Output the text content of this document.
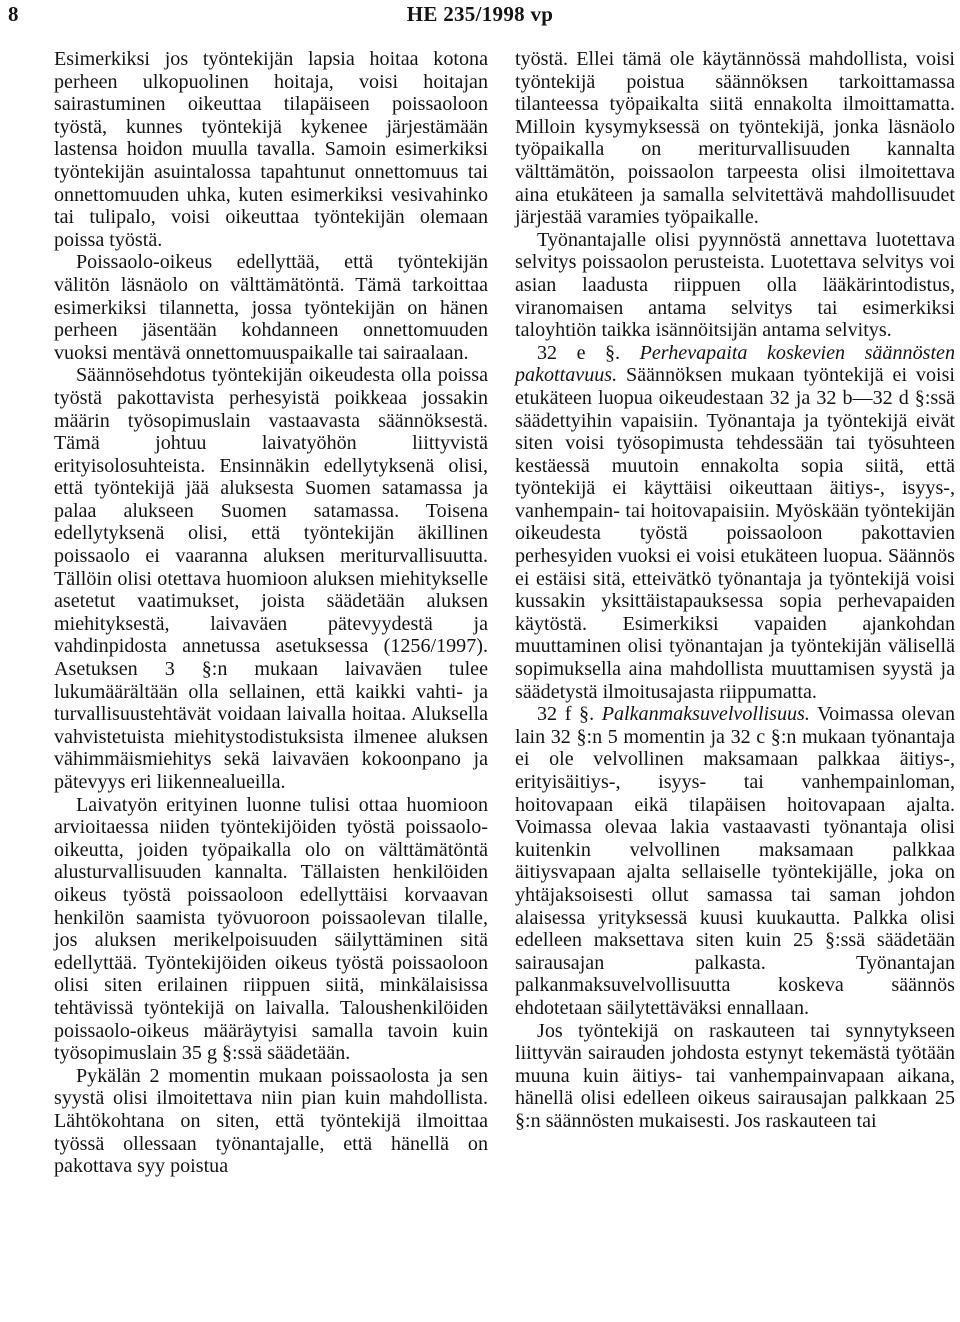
8	HE 235/1998 vp

Esimerkiksi jos työntekijän lapsia hoitaa kotona perheen ulkopuolinen hoitaja, voisi hoitajan sairastuminen oikeuttaa tilapäiseen poissaoloon työstä, kunnes työntekijä kykenee järjestämään lastensa hoidon muulla tavalla. Samoin esimerkiksi työntekijän asuintalossa tapahtunut onnettomuus tai onnettomuuden uhka, kuten esimerkiksi vesivahinko tai tulipalo, voisi oikeuttaa työntekijän olemaan poissa työstä.

Poissaolo-oikeus edellyttää, että työntekijän välitön läsnäolo on välttämätöntä. Tämä tarkoittaa esimerkiksi tilannetta, jossa työntekijän on hänen perheen jäsentään kohdanneen onnettomuuden vuoksi mentävä onnettomuuspaikalle tai sairaalaan.

Säännösehdotus työntekijän oikeudesta olla poissa työstä pakottavista perhesyistä poikkeaa jossakin määrin työsopimuslain vastaavasta säännöksestä. Tämä johtuu laivatyöhön liittyvistä erityisolosuhteista. Ensinnäkin edellytyksenä olisi, että työntekijä jää aluksesta Suomen satamassa ja palaa alukseen Suomen satamassa. Toisena edellytyksenä olisi, että työntekijän äkillinen poissaolo ei vaaranna aluksen meriturvallisuutta. Tällöin olisi otettava huomioon aluksen miehitykselle asetetut vaatimukset, joista säädetään aluksen miehityksestä, laivaväen pätevyydestä ja vahdinpidosta annetussa asetuksessa (1256/1997). Asetuksen 3 §:n mukaan laivaväen tulee lukumäärältään olla sellainen, että kaikki vahti- ja turvallisuustehtävät voidaan laivalla hoitaa. Aluksella vahvistetuista miehitystodistuksista ilmenee aluksen vähimmäismiehitys sekä laivaväen kokoonpano ja pätevyys eri liikennealueilla.

Laivatyön erityinen luonne tulisi ottaa huomioon arvioitaessa niiden työntekijöiden työstä poissaolo-oikeutta, joiden työpaikalla olo on välttämätöntä alusturvallisuuden kannalta. Tällaisten henkilöiden oikeus työstä poissaoloon edellyttäisi korvaavan henkilön saamista työvuoroon poissaolevan tilalle, jos aluksen merikelpoisuuden säilyttäminen sitä edellyttää. Työntekijöiden oikeus työstä poissaoloon olisi siten erilainen riippuen siitä, minkälaisissa tehtävissä työntekijä on laivalla. Taloushenkilöiden poissaolo-oikeus määräytyisi samalla tavoin kuin työsopimuslain 35 g §:ssä säädetään.

Pykälän 2 momentin mukaan poissaolosta ja sen syystä olisi ilmoitettava niin pian kuin mahdollista. Lähtökohtana on siten, että työntekijä ilmoittaa työssä ollessaan työnantajalle, että hänellä on pakottava syy poistua

työstä. Ellei tämä ole käytännössä mahdollista, voisi työntekijä poistua säännöksen tarkoittamassa tilanteessa työpaikalta siitä ennakolta ilmoittamatta. Milloin kysymyksessä on työntekijä, jonka läsnäolo työpaikalla on meriturvallisuuden kannalta välttämätön, poissaolon tarpeesta olisi ilmoitettava aina etukäteen ja samalla selvitettävä mahdollisuudet järjestää varamies työpaikalle.

Työnantajalle olisi pyynnöstä annettava luotettava selvitys poissaolon perusteista. Luotettava selvitys voi asian laadusta riippuen olla lääkärintodistus, viranomaisen antama selvitys tai esimerkiksi taloyhtiön taikka isännöitsijän antama selvitys.

32 e §. Perhevapaita koskevien säännösten pakottavuus. Säännöksen mukaan työntekijä ei voisi etukäteen luopua oikeudestaan 32 ja 32 b—32 d §:ssä säädettyihin vapaisiin. Työnantaja ja työntekijä eivät siten voisi työsopimusta tehdessään tai työsuhteen kestäessä muutoin ennakolta sopia siitä, että työntekijä ei käyttäisi oikeuttaan äitiys-, isyys-, vanhempain- tai hoitovapaisiin. Myöskään työntekijän oikeudesta työstä poissaoloon pakottavien perhesyiden vuoksi ei voisi etukäteen luopua. Säännös ei estäisi sitä, etteivätkö työnantaja ja työntekijä voisi kussakin yksittäistapauksessa sopia perhevapaiden käytöstä. Esimerkiksi vapaiden ajankohdan muuttaminen olisi työnantajan ja työntekijän välisellä sopimuksella aina mahdollista muuttamisen syystä ja säädetystä ilmoitusajasta riippumatta.

32 f §. Palkanmaksuvelvollisuus. Voimassa olevan lain 32 §:n 5 momentin ja 32 c §:n mukaan työnantaja ei ole velvollinen maksamaan palkkaa äitiys-, erityisäitiys-, isyys- tai vanhempainloman, hoitovapaan eikä tilapäisen hoitovapaan ajalta. Voimassa olevaa lakia vastaavasti työnantaja olisi kuitenkin velvollinen maksamaan palkkaa äitiysvapaan ajalta sellaiselle työntekijälle, joka on yhtäjaksoisesti ollut samassa tai saman johdon alaisessa yrityksessä kuusi kuukautta. Palkka olisi edelleen maksettava siten kuin 25 §:ssä säädetään sairausajan palkasta. Työnantajan palkanmaksuvelvollisuutta koskeva säännös ehdotetaan säilytettäväksi ennallaan.

Jos työntekijä on raskauteen tai synnytykseen liittyvän sairauden johdosta estynyt tekemästä työtään muuna kuin äitiys- tai vanhempainvapaan aikana, hänellä olisi edelleen oikeus sairausajan palkkaan 25 §:n säännösten mukaisesti. Jos raskauteen tai
